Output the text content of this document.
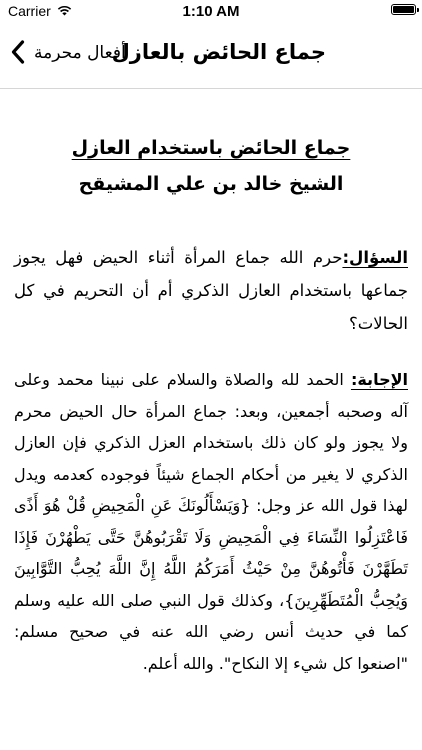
Carrier	1:10 AM
أفعال محرمة
جماع الحائض بالعازل
جماع الحائض باستخدام العازل
الشيخ خالد بن علي المشيقح

السؤال:حرم الله جماع المرأة أثناء الحيض فهل يجوز جماعها باستخدام العازل الذكري أم أن التحريم في كل الحالات؟

الإجابة: الحمد لله والصلاة والسلام على نبينا محمد وعلى آله وصحبه أجمعين، وبعد: جماع المرأة حال الحيض محرم ولا يجوز ولو كان ذلك باستخدام العزل الذكري فإن العازل الذكري لا يغير من أحكام الجماع شيئاً فوجوده كعدمه ويدل لهذا قول الله عز وجل: {وَيَسْأَلُونَكَ عَنِ الْمَحِيضِ قُلْ هُوَ أَذًى فَاعْتَزِلُوا النِّسَاءَ فِي الْمَحِيضِ وَلَا تَقْرَبُوهُنَّ حَتَّى يَطْهُرْنَ فَإِذَا تَطَهَّرْنَ فَأْتُوهُنَّ مِنْ حَيْثُ أَمَرَكُمُ اللَّهُ إِنَّ اللَّهَ يُحِبُّ التَّوَّابِينَ وَيُحِبُّ الْمُتَطَهِّرِينَ}، وكذلك قول النبي صلى الله عليه وسلم كما في حديث أنس رضي الله عنه في صحيح مسلم: "اصنعوا كل شيء إلا النكاح". والله أعلم.
